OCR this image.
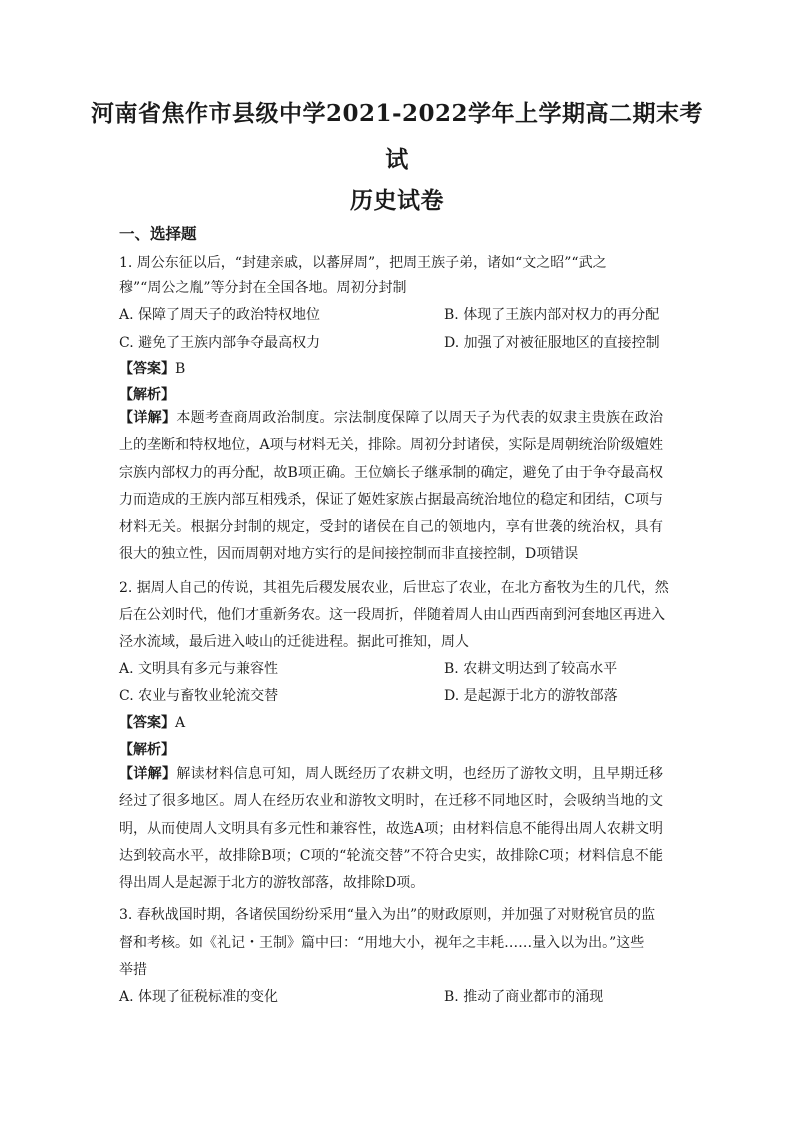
河南省焦作市县级中学2021-2022学年上学期高二期末考
试
历史试卷
一、选择题
1. 周公东征以后，“封建亲戚，以蕃屏周”，把周王族子弟，诸如“文之昭”“武之
穆”“周公之胤”等分封在全国各地。周初分封制
A. 保障了周天子的政治特权地位	B. 体现了王族内部对权力的再分配
C. 避免了王族内部争夺最高权力	D. 加强了对被征服地区的直接控制
【答案】B
【解析】
【详解】本题考查商周政治制度。宗法制度保障了以周天子为代表的奴隶主贵族在政治上的垄断和特权地位，A项与材料无关，排除。周初分封诸侯，实际是周朝统治阶级嬗姓宗族内部权力的再分配，故B项正确。王位嫡长子继承制的确定，避免了由于争夺最高权力而造成的王族内部互相残杀，保证了姬姓家族占据最高统治地位的稳定和团结，C项与材料无关。根据分封制的规定，受封的诸侯在自己的领地内，享有世袭的统治权，具有很大的独立性，因而周朝对地方实行的是间接控制而非直接控制，D项错误
2. 据周人自己的传说，其祖先后稷发展农业，后世忘了农业，在北方畜牧为生的几代，然
后在公刘时代，他们才重新务农。这一段周折，伴随着周人由山西西南到河套地区再进入
泾水流域，最后进入岐山的迁徙进程。据此可推知，周人
A. 文明具有多元与兼容性	B. 农耕文明达到了较高水平
C. 农业与畜牧业轮流交替	D. 是起源于北方的游牧部落
【答案】A
【解析】
【详解】解读材料信息可知，周人既经历了农耕文明，也经历了游牧文明，且早期迁移经过了很多地区。周人在经历农业和游牧文明时，在迁移不同地区时，会吸纳当地的文明，从而使周人文明具有多元性和兼容性，故选A项；由材料信息不能得出周人农耕文明达到较高水平，故排除B项；C项的“轮流交替”不符合史实，故排除C项；材料信息不能得出周人是起源于北方的游牧部落，故排除D项。
3. 春秋战国时期，各诸侯国纷纷采用“量入为出”的财政原则，并加强了对财税官员的监
督和考核。如《礼记・王制》篇中曰：“用地大小，视年之丰耗……量入以为出。”这些
举措
A. 体现了征税标准的变化	B. 推动了商业都市的涌现
